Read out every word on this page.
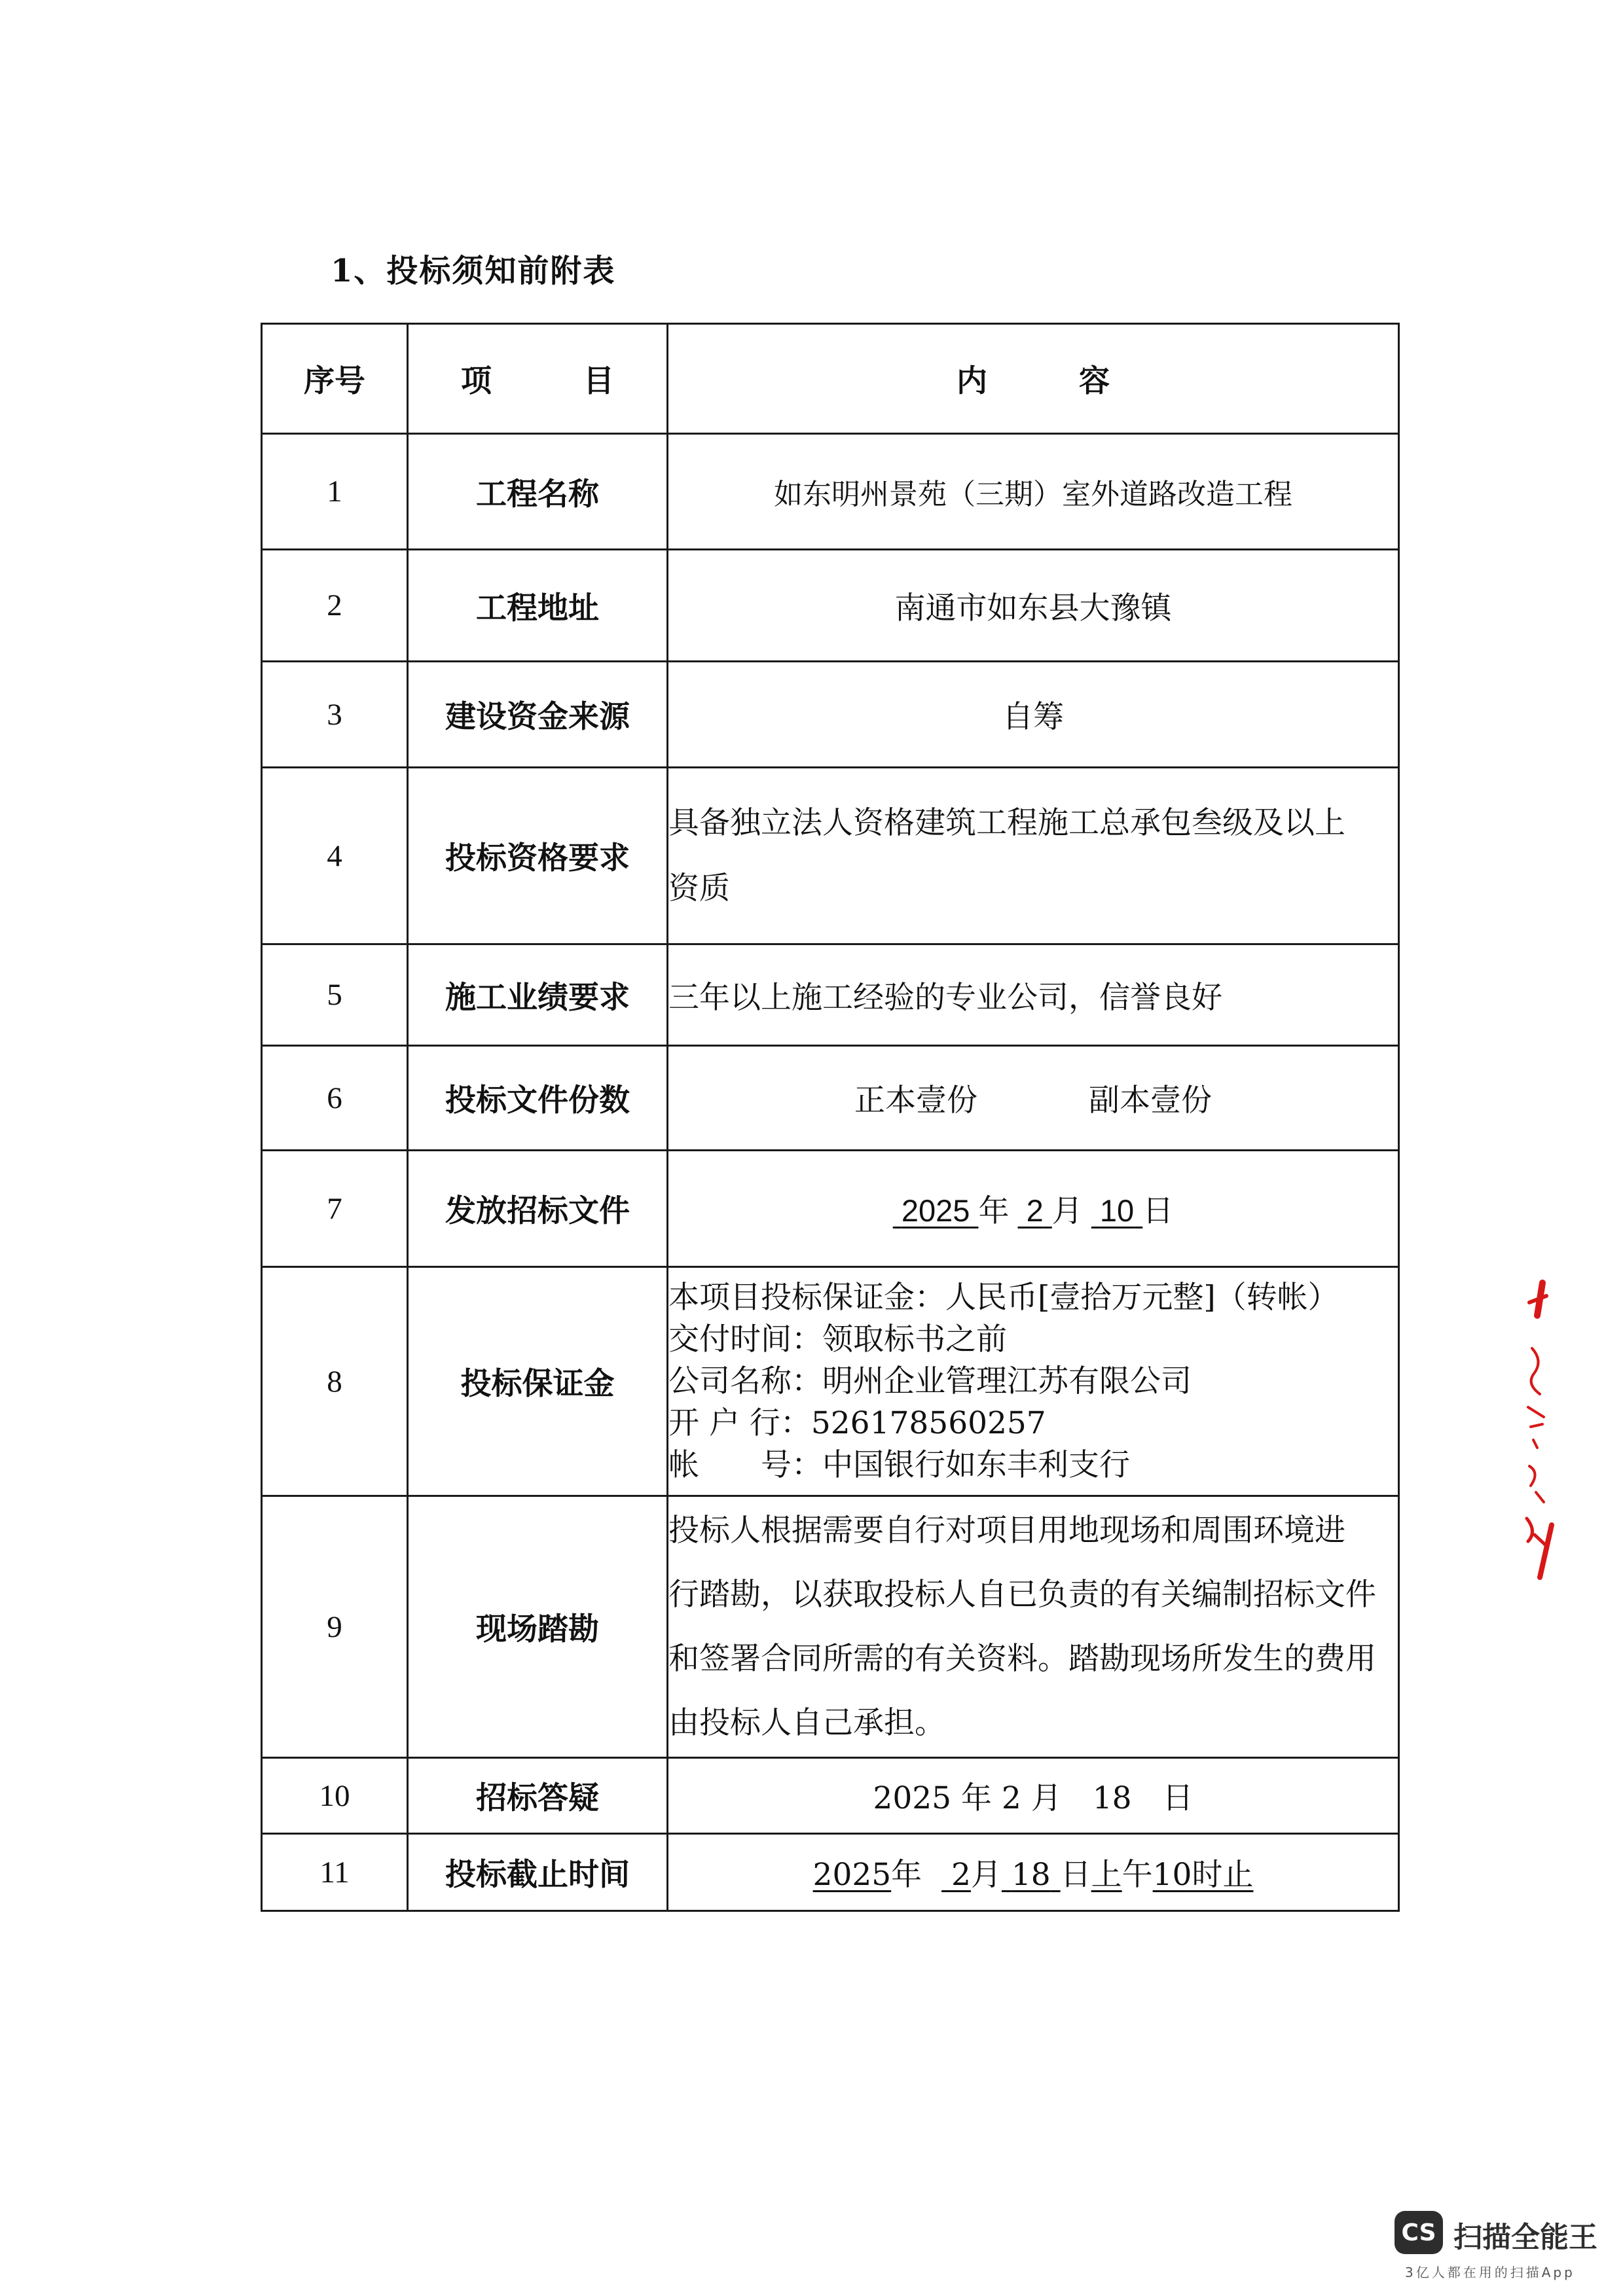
1、投标须知前附表
序号	项目	内容
1	工程名称	如东明州景苑（三期）室外道路改造工程
2	工程地址	南通市如东县大豫镇
3	建设资金来源	自筹
4	投标资格要求	具备独立法人资格建筑工程施工总承包叁级及以上
资质

5	施工业绩要求	三年以上施工经验的专业公司，信誉良好
6	投标文件份数	正本壹份 副本壹份
7	发放招标文件	2025 年 2 月 10 日
8	投标保证金	本项目投标保证金：人民币[壹拾万元整]（转帐）
交付时间：领取标书之前
公司名称：明州企业管理江苏有限公司
开 户 行：526178560257
帐　　号：中国银行如东丰利支行

9	现场踏勘	投标人根据需要自行对项目用地现场和周围环境进
行踏勘，以获取投标人自已负责的有关编制招标文件
和签署合同所需的有关资料。踏勘现场所发生的费用
由投标人自己承担。

10	招标答疑	2025 年 2 月　18　日
11	投标截止时间	2025年 2月 18 日上午10时止
CS 扫描全能王
3亿人都在用的扫描App
